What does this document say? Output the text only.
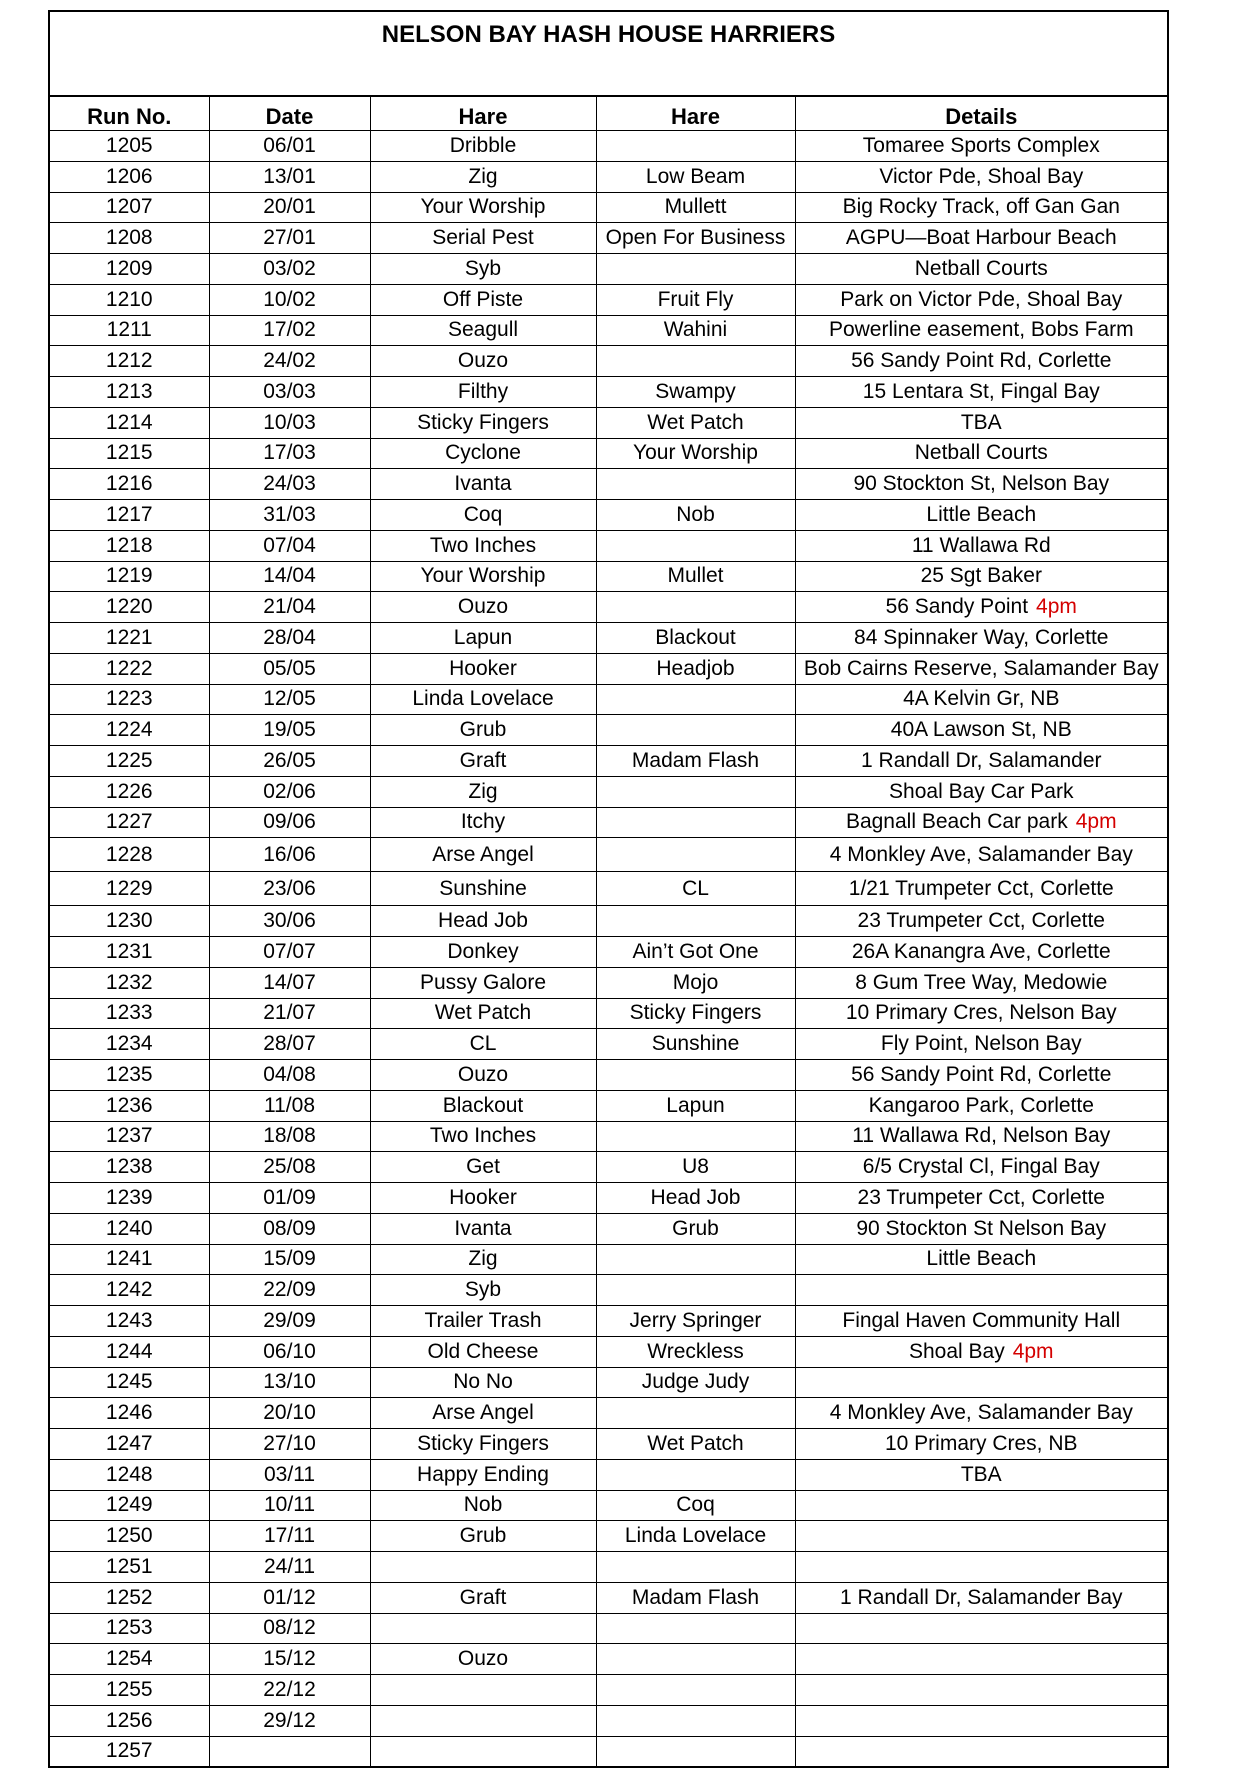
NELSON BAY HASH HOUSE HARRIERS				
Run No.	Date	Hare	Hare	Details
1205	06/01	Dribble		Tomaree Sports Complex
1206	13/01	Zig	Low Beam	Victor Pde, Shoal Bay
1207	20/01	Your Worship	Mullett	Big Rocky Track, off Gan Gan
1208	27/01	Serial Pest	Open For Business	AGPU—Boat Harbour Beach
1209	03/02	Syb		Netball Courts
1210	10/02	Off Piste	Fruit Fly	Park on Victor Pde, Shoal Bay
1211	17/02	Seagull	Wahini	Powerline easement, Bobs Farm
1212	24/02	Ouzo		56 Sandy Point Rd, Corlette
1213	03/03	Filthy	Swampy	15 Lentara St, Fingal Bay
1214	10/03	Sticky Fingers	Wet Patch	TBA
1215	17/03	Cyclone	Your Worship	Netball Courts
1216	24/03	Ivanta		90 Stockton St, Nelson Bay
1217	31/03	Coq	Nob	Little Beach
1218	07/04	Two Inches		11 Wallawa Rd
1219	14/04	Your Worship	Mullet	25 Sgt Baker
1220	21/04	Ouzo		56 Sandy Point 4pm
1221	28/04	Lapun	Blackout	84 Spinnaker Way, Corlette
1222	05/05	Hooker	Headjob	Bob Cairns Reserve, Salamander Bay
1223	12/05	Linda Lovelace		4A Kelvin Gr, NB
1224	19/05	Grub		40A Lawson St, NB
1225	26/05	Graft	Madam Flash	1 Randall Dr, Salamander
1226	02/06	Zig		Shoal Bay Car Park
1227	09/06	Itchy		Bagnall Beach Car park 4pm
1228	16/06	Arse Angel		4 Monkley Ave, Salamander Bay
1229	23/06	Sunshine	CL	1/21 Trumpeter Cct, Corlette
1230	30/06	Head Job		23 Trumpeter Cct, Corlette
1231	07/07	Donkey	Ain’t Got One	26A Kanangra Ave, Corlette
1232	14/07	Pussy Galore	Mojo	8 Gum Tree Way, Medowie
1233	21/07	Wet Patch	Sticky Fingers	10 Primary Cres, Nelson Bay
1234	28/07	CL	Sunshine	Fly Point, Nelson Bay
1235	04/08	Ouzo		56 Sandy Point Rd, Corlette
1236	11/08	Blackout	Lapun	Kangaroo Park, Corlette
1237	18/08	Two Inches		11 Wallawa Rd, Nelson Bay
1238	25/08	Get	U8	6/5 Crystal Cl, Fingal Bay
1239	01/09	Hooker	Head Job	23 Trumpeter Cct, Corlette
1240	08/09	Ivanta	Grub	90 Stockton St Nelson Bay
1241	15/09	Zig		Little Beach
1242	22/09	Syb		
1243	29/09	Trailer Trash	Jerry Springer	Fingal Haven Community Hall
1244	06/10	Old Cheese	Wreckless	Shoal Bay 4pm
1245	13/10	No No	Judge Judy	
1246	20/10	Arse Angel		4 Monkley Ave, Salamander Bay
1247	27/10	Sticky Fingers	Wet Patch	10 Primary Cres, NB
1248	03/11	Happy Ending		TBA
1249	10/11	Nob	Coq	
1250	17/11	Grub	Linda Lovelace	
1251	24/11			
1252	01/12	Graft	Madam Flash	1 Randall Dr, Salamander Bay
1253	08/12			
1254	15/12	Ouzo		
1255	22/12			
1256	29/12			
1257				
